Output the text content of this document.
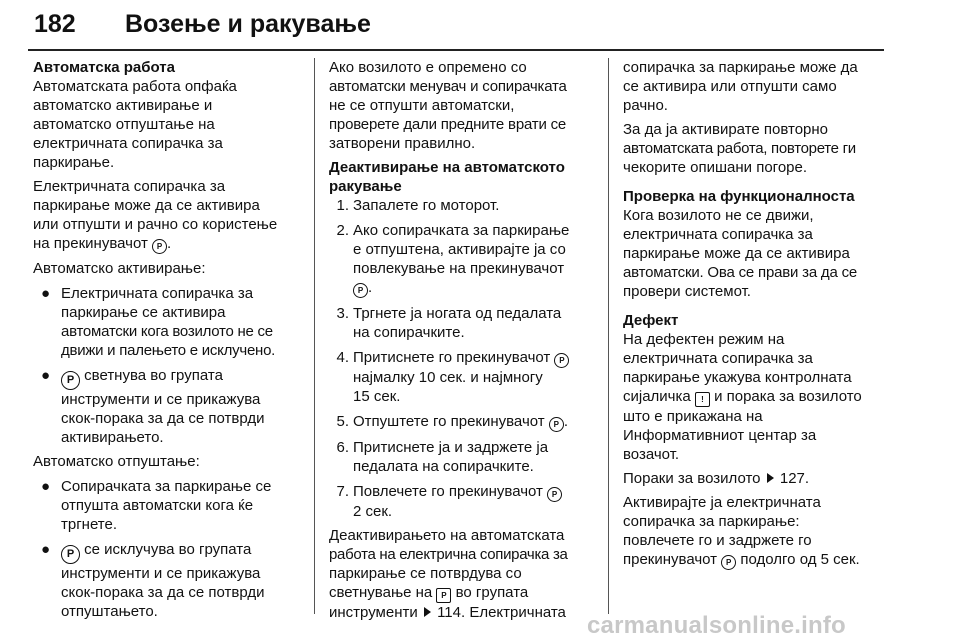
182 Возење и ракување
Автоматска работа
Автоматската работа опфаќа
автоматско активирање и
автоматско отпуштање на
електричната сопирачка за
паркирање.
Електричната сопирачка за
паркирање може да се активира
или отпушти и рачно со користење
на прекинувачот P .
Автоматско активирање:
● Електричната сопирачка за
паркирање се активира
автоматски кога возилото не се
движи и палењето е исклучено.
●	P светнува во групата
инструменти и се прикажува
скок-порака за да се потврди
активирањето.
Автоматско отпуштање:
● Сопирачката за паркирање се
отпушта автоматски кога ќе
тргнете.
●	P се исклучува во групата
инструменти и се прикажува
скок-порака за да се потврди
отпуштањето.
Ако возилото е опремено со
автоматски менувач и сопирачката
не се отпушти автоматски,
проверете дали предните врати се
затворени правилно.
Деактивирање на автоматското
ракување
1. Запалете го моторот.
2. Ако сопирачката за паркирање
е отпуштена, активирајте ја со
повлекување на прекинувачот
P .
3. Тргнете ја ногата од педалата
на сопирачките.
4. Притиснете го прекинувачот P
најмалку 10 сек. и најмногу
15 сек.
5. Отпуштете го прекинувачот P .
6. Притиснете ја и задржете ја
педалата на сопирачките.
7. Повлечете го прекинувачот P
2 сек.
Деактивирањето на автоматската
работа на електрична сопирачка за
паркирање се потврдува со
светнување на P во групата
инструменти 114. Електричната
сопирачка за паркирање може да
се активира или отпушти само
рачно.
За да ја активирате повторно
автоматската работа, повторете ги
чекорите опишани погоре.
Проверка на функционалноста
Кога возилото не се движи,
електричната сопирачка за
паркирање може да се активира
автоматски. Ова се прави за да се
провери системот.
Дефект
На дефектен режим на
електричната сопирачка за
паркирање укажува контролната
сијаличка ! и порака за возилото
што е прикажана на
Информативниот центар за
возачот.
Пораки за возилото 127.
Активирајте ја електричната
сопирачка за паркирање:
повлечете го и задржете го
прекинувачот P подолго од 5 сек.
carmanualsonline.info
